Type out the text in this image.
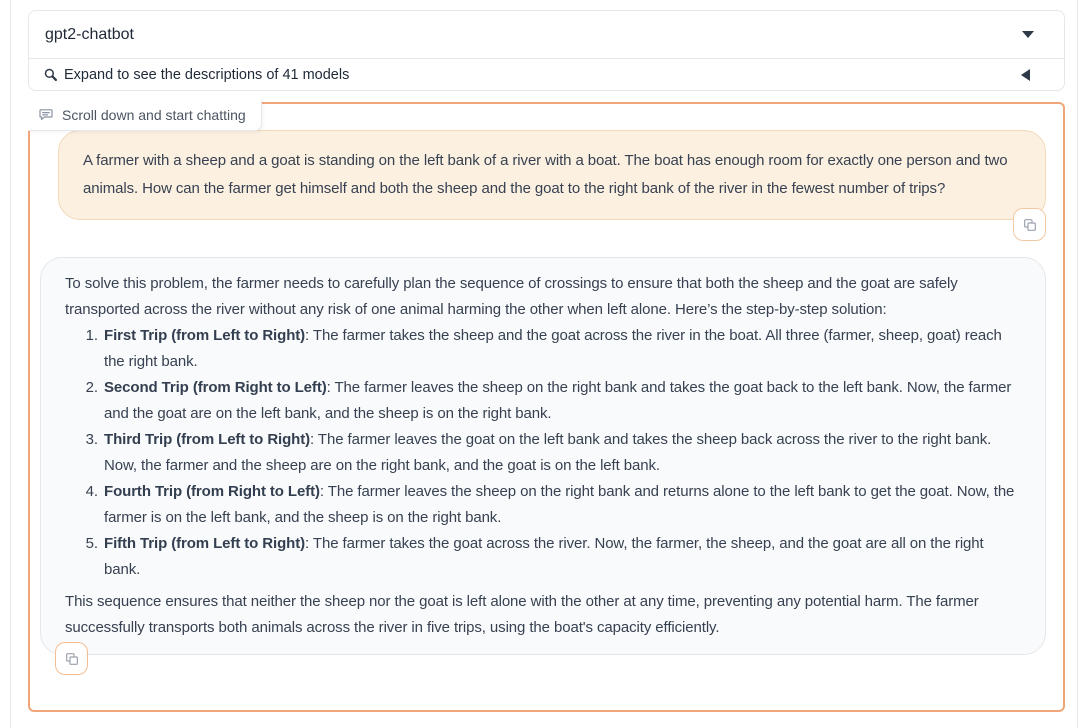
gpt2-chatbot
Expand to see the descriptions of 41 models
Scroll down and start chatting
A farmer with a sheep and a goat is standing on the left bank of a river with a boat. The boat has enough room for exactly one person and two animals. How can the farmer get himself and both the sheep and the goat to the right bank of the river in the fewest number of trips?

To solve this problem, the farmer needs to carefully plan the sequence of crossings to ensure that both the sheep and the goat are safely transported across the river without any risk of one animal harming the other when left alone. Here’s the step-by-step solution:

1. First Trip (from Left to Right): The farmer takes the sheep and the goat across the river in the boat. All three (farmer, sheep, goat) reach the right bank.
2. Second Trip (from Right to Left): The farmer leaves the sheep on the right bank and takes the goat back to the left bank. Now, the farmer and the goat are on the left bank, and the sheep is on the right bank.
3. Third Trip (from Left to Right): The farmer leaves the goat on the left bank and takes the sheep back across the river to the right bank. Now, the farmer and the sheep are on the right bank, and the goat is on the left bank.
4. Fourth Trip (from Right to Left): The farmer leaves the sheep on the right bank and returns alone to the left bank to get the goat. Now, the farmer is on the left bank, and the sheep is on the right bank.
5. Fifth Trip (from Left to Right): The farmer takes the goat across the river. Now, the farmer, the sheep, and the goat are all on the right bank.

This sequence ensures that neither the sheep nor the goat is left alone with the other at any time, preventing any potential harm. The farmer successfully transports both animals across the river in five trips, using the boat's capacity efficiently.
